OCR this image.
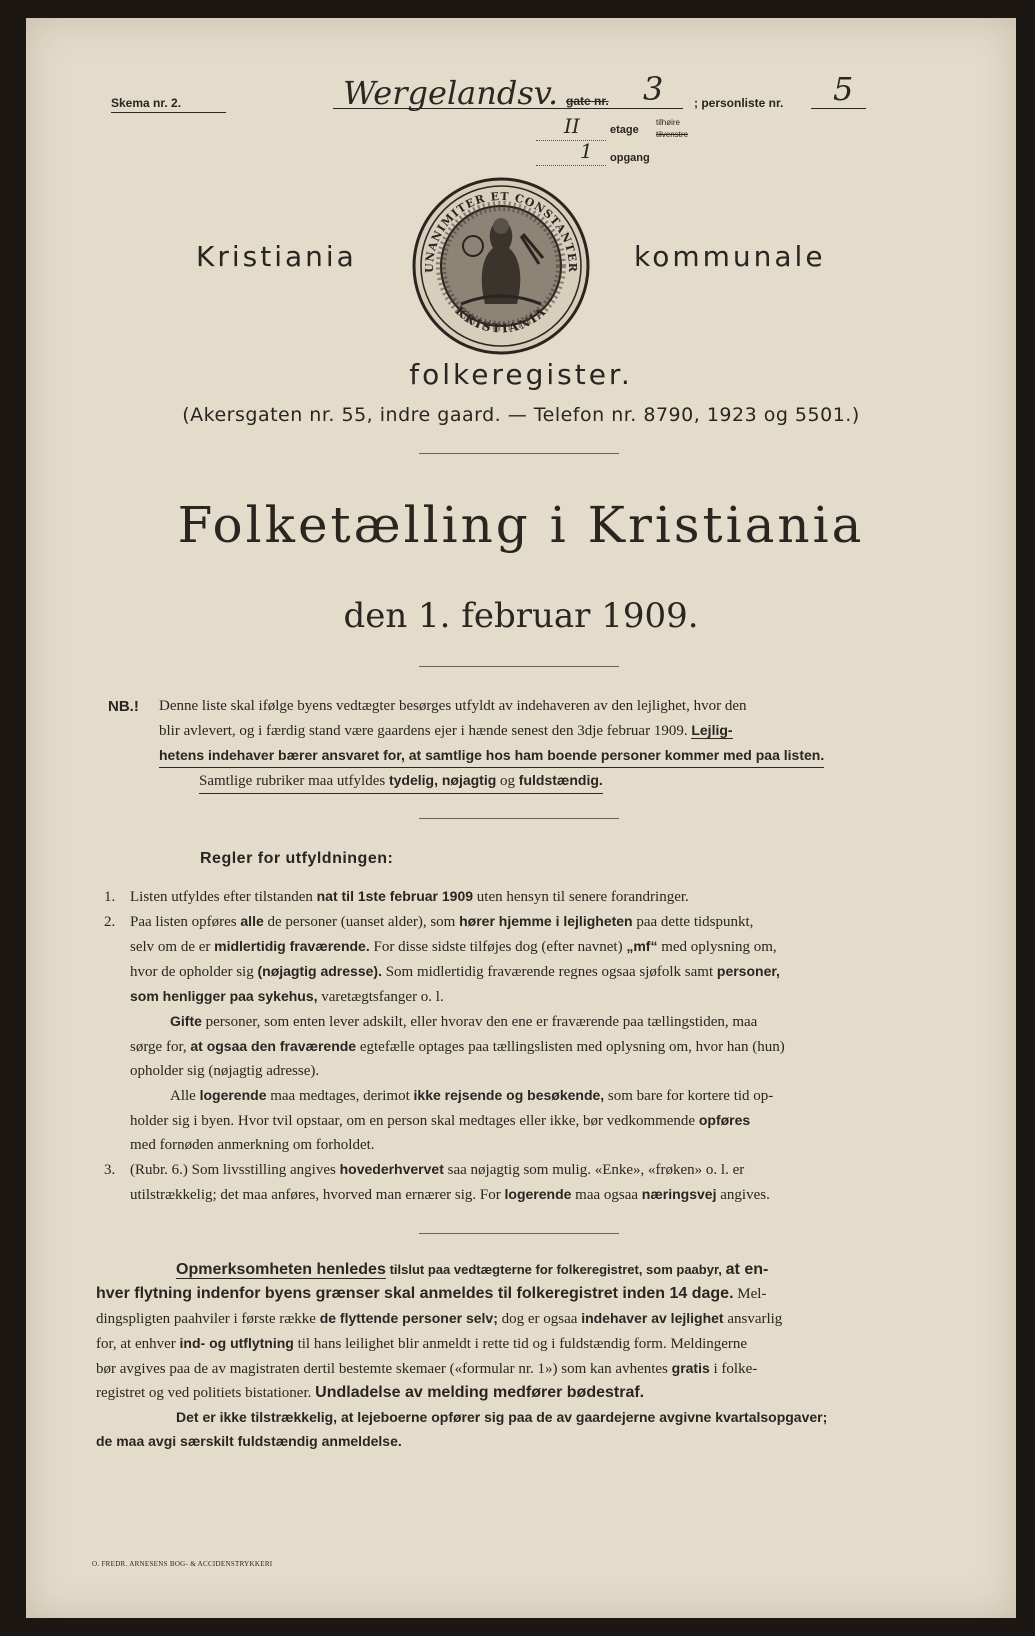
Skema nr. 2.	Wergelandsv. gate nr. 3	; personliste nr. 5
II	etage
tilhøire
tilvenstre
1 opgang
Kristiania	kommunale
UNANIMITER ET CONSTANTER
KRISTIANIA
folkeregister.
(Akersgaten nr. 55, indre gaard. — Telefon nr. 8790, 1923 og 5501.)
Folketælling i Kristiania
den 1. februar 1909.
NB.! Denne liste skal ifølge byens vedtægter besørges utfyldt av indehaveren av den lejlighet, hvor den
blir avlevert, og i færdig stand være gaardens ejer i hænde senest den 3dje februar 1909. Lejlig-
hetens indehaver bærer ansvaret for, at samtlige hos ham boende personer kommer med paa listen.
Samtlige rubriker maa utfyldes tydelig, nøjagtig og fuldstændig.
Regler for utfyldningen:
1. Listen utfyldes efter tilstanden nat til 1ste februar 1909 uten hensyn til senere forandringer.
2. Paa listen opføres alle de personer (uanset alder), som hører hjemme i lejligheten paa dette tidspunkt,
selv om de er midlertidig fraværende. For disse sidste tilføjes dog (efter navnet) „mf“ med oplysning om,
hvor de opholder sig (nøjagtig adresse). Som midlertidig fraværende regnes ogsaa sjøfolk samt personer,
som henligger paa sykehus, varetægtsfanger o. l.
Gifte personer, som enten lever adskilt, eller hvorav den ene er fraværende paa tællingstiden, maa
sørge for, at ogsaa den fraværende egtefælle optages paa tællingslisten med oplysning om, hvor han (hun)
opholder sig (nøjagtig adresse).
Alle logerende maa medtages, derimot ikke rejsende og besøkende, som bare for kortere tid op-
holder sig i byen. Hvor tvil opstaar, om en person skal medtages eller ikke, bør vedkommende opføres
med fornøden anmerkning om forholdet.
3. (Rubr. 6.) Som livsstilling angives hovederhvervet saa nøjagtig som mulig. «Enke», «frøken» o. l. er
utilstrækkelig; det maa anføres, hvorved man ernærer sig. For logerende maa ogsaa næringsvej angives.
Opmerksomheten henledes tilslut paa vedtægterne for folkeregistret, som paabyr, at en-
hver flytning indenfor byens grænser skal anmeldes til folkeregistret inden 14 dage. Mel-
dingspligten paahviler i første række de flyttende personer selv; dog er ogsaa indehaver av lejlighet ansvarlig
for, at enhver ind- og utflytning til hans leilighet blir anmeldt i rette tid og i fuldstændig form. Meldingerne
bør avgives paa de av magistraten dertil bestemte skemaer («formular nr. 1») som kan avhentes gratis i folke-
registret og ved politiets bistationer. Undladelse av melding medfører bødestraf.
Det er ikke tilstrækkelig, at lejeboerne opfører sig paa de av gaardejerne avgivne kvartalsopgaver;
de maa avgi særskilt fuldstændig anmeldelse.
O. FREDR. ARNESENS BOG- & ACCIDENSTRYKKERI
